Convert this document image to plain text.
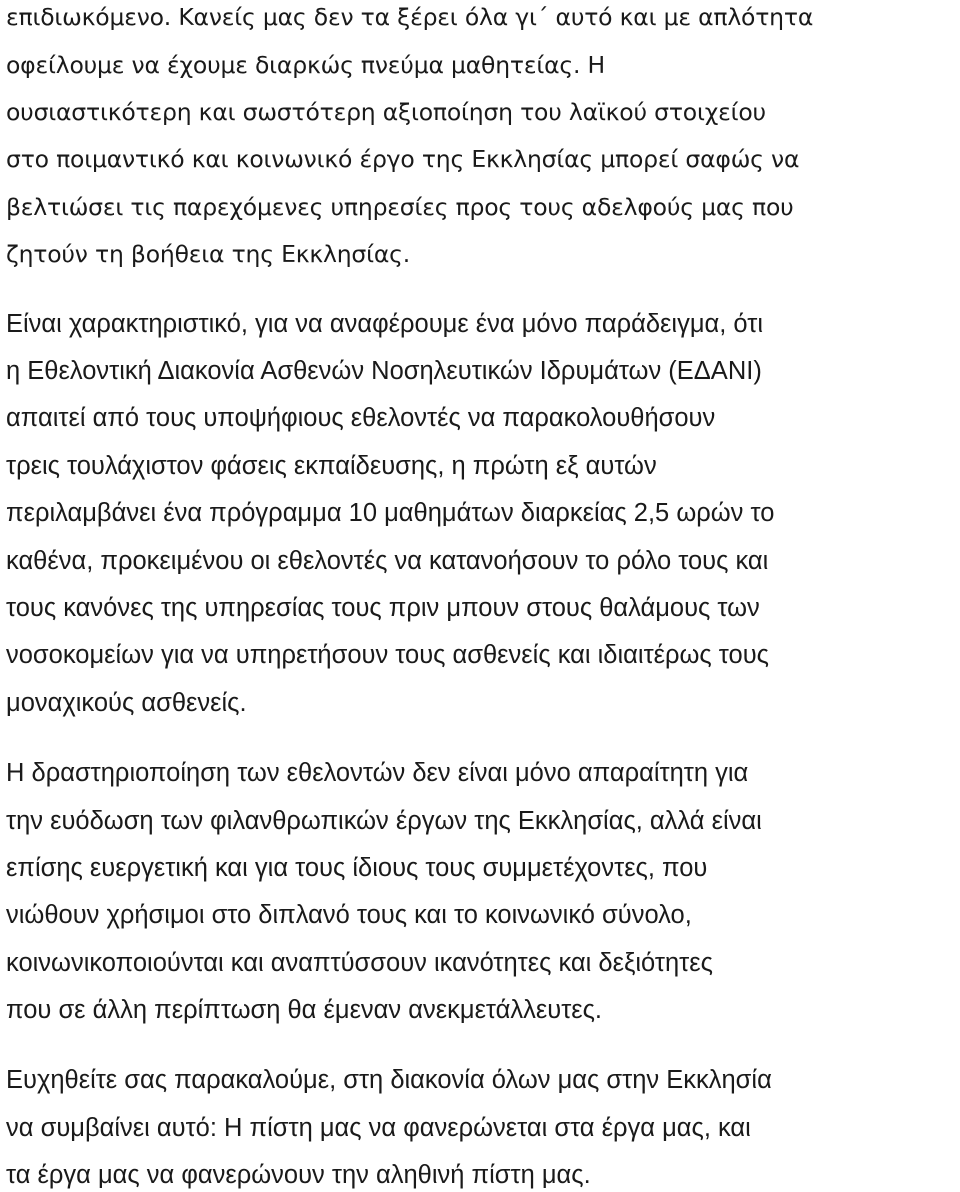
επιδιωκόμενο. Κανείς μας δεν τα ξέρει όλα γι΄ αυτό και με απλότητα
οφείλουμε να έχουμε διαρκώς πνεύμα μαθητείας. Η
ουσιαστικότερη και σωστότερη αξιοποίηση του λαϊκού στοιχείου
στο ποιμαντικό και κοινωνικό έργο της Εκκλησίας μπορεί σαφώς να
βελτιώσει τις παρεχόμενες υπηρεσίες προς τους αδελφούς μας που
ζητούν τη βοήθεια της Εκκλησίας.
Είναι χαρακτηριστικό, για να αναφέρουμε ένα μόνο παράδειγμα, ότι
η Εθελοντική Διακονία Ασθενών Νοσηλευτικών Ιδρυμάτων (ΕΔΑΝΙ)
απαιτεί από τους υποψήφιους εθελοντές να παρακολουθήσουν
τρεις τουλάχιστον φάσεις εκπαίδευσης, η πρώτη εξ αυτών
περιλαμβάνει ένα πρόγραμμα 10 μαθημάτων διαρκείας 2,5 ωρών το
καθένα, προκειμένου οι εθελοντές να κατανοήσουν το ρόλο τους και
τους κανόνες της υπηρεσίας τους πριν μπουν στους θαλάμους των
νοσοκομείων για να υπηρετήσουν τους ασθενείς και ιδιαιτέρως τους
μοναχικούς ασθενείς.
Η δραστηριοποίηση των εθελοντών δεν είναι μόνο απαραίτητη για
την ευόδωση των φιλανθρωπικών έργων της Εκκλησίας, αλλά είναι
επίσης ευεργετική και για τους ίδιους τους συμμετέχοντες, που
νιώθουν χρήσιμοι στο διπλανό τους και το κοινωνικό σύνολο,
κοινωνικοποιούνται και αναπτύσσουν ικανότητες και δεξιότητες
που σε άλλη περίπτωση θα έμεναν ανεκμετάλλευτες.
Ευχηθείτε σας παρακαλούμε, στη διακονία όλων μας στην Εκκλησία
να συμβαίνει αυτό: Η πίστη μας να φανερώνεται στα έργα μας, και
τα έργα μας να φανερώνουν την αληθινή πίστη μας.
